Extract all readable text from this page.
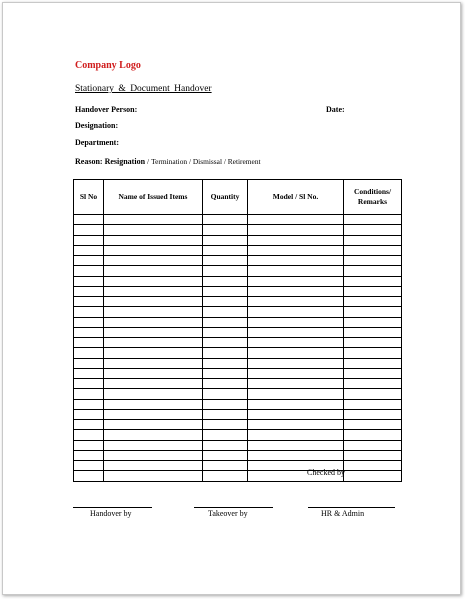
Company Logo
Stationary & Document Handover
Handover Person:	Date:
Designation:
Department:
Reason: Resignation / Termination / Dismissal / Retirement
Sl No	Name of Issued Items	Quantity	Model / Sl No.	Conditions/ Remarks

Checked by
Handover by	Takeover by	HR & Admin
